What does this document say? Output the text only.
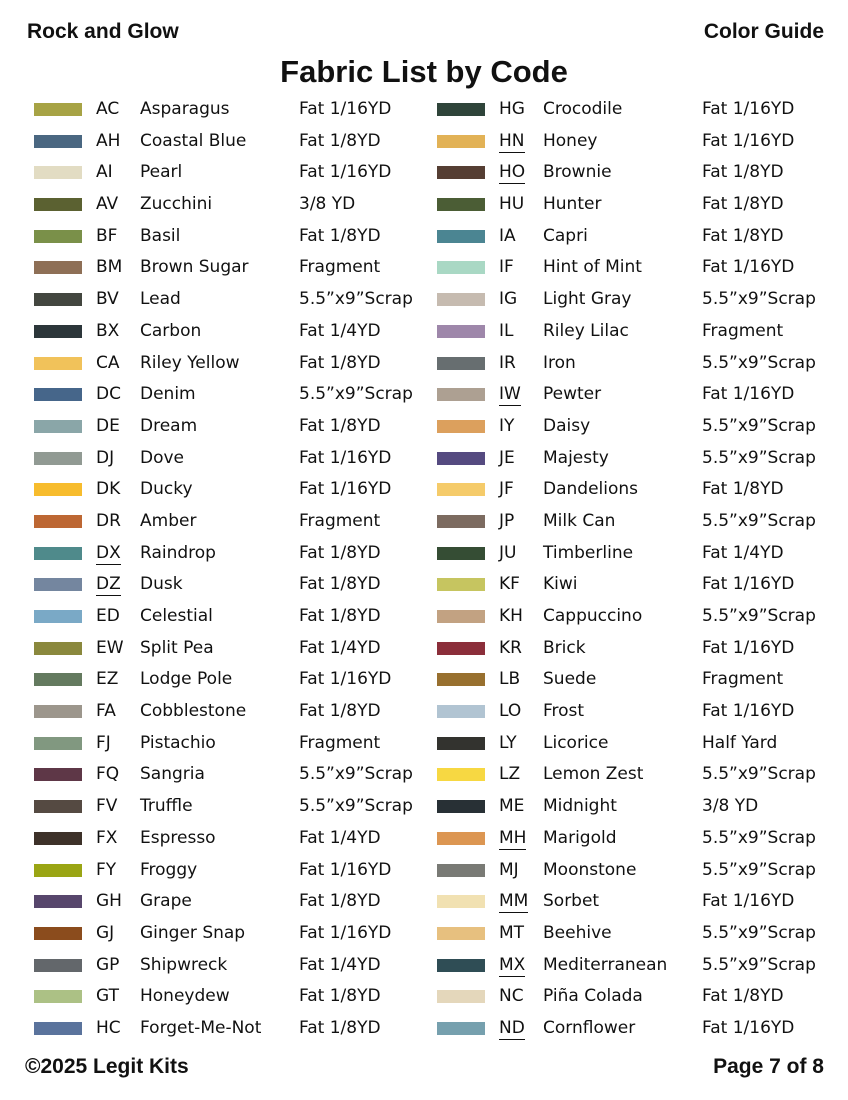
Rock and Glow	Color Guide
Fabric List by Code
AC Asparagus	Fat 1/16YD
AH Coastal Blue	Fat 1/8YD
AI Pearl	Fat 1/16YD
AV Zucchini	3/8 YD
BF Basil	Fat 1/8YD
BM Brown Sugar	Fragment
BV Lead	5.5”x9”Scrap
BX Carbon	Fat 1/4YD
CA Riley Yellow	Fat 1/8YD
DC Denim	5.5”x9”Scrap
DE Dream	Fat 1/8YD
DJ Dove	Fat 1/16YD
DK Ducky	Fat 1/16YD
DR Amber	Fragment
DX Raindrop	Fat 1/8YD
DZ Dusk	Fat 1/8YD
ED Celestial	Fat 1/8YD
EW Split Pea	Fat 1/4YD
EZ Lodge Pole	Fat 1/16YD
FA Cobblestone	Fat 1/8YD
FJ Pistachio	Fragment
FQ Sangria	5.5”x9”Scrap
FV Truffle	5.5”x9”Scrap
FX Espresso	Fat 1/4YD
FY Froggy	Fat 1/16YD
GH Grape	Fat 1/8YD
GJ Ginger Snap	Fat 1/16YD
GP Shipwreck	Fat 1/4YD
GT Honeydew	Fat 1/8YD
HC Forget-Me-Not Fat 1/8YD
HG Crocodile	Fat 1/16YD
HN Honey	Fat 1/16YD
HO Brownie	Fat 1/8YD
HU Hunter	Fat 1/8YD
IA Capri	Fat 1/8YD
IF Hint of Mint	Fat 1/16YD
IG Light Gray	5.5”x9”Scrap
IL Riley Lilac	Fragment
IR Iron	5.5”x9”Scrap
IW Pewter	Fat 1/16YD
IY Daisy	5.5”x9”Scrap
JE Majesty	5.5”x9”Scrap
JF Dandelions	Fat 1/8YD
JP Milk Can	5.5”x9”Scrap
JU Timberline	Fat 1/4YD
KF Kiwi	Fat 1/16YD
KH Cappuccino	5.5”x9”Scrap
KR Brick	Fat 1/16YD
LB Suede	Fragment
LO Frost	Fat 1/16YD
LY Licorice	Half Yard
LZ Lemon Zest	5.5”x9”Scrap
ME Midnight	3/8 YD
MH Marigold	5.5”x9”Scrap
MJ Moonstone	5.5”x9”Scrap
MM Sorbet	Fat 1/16YD
MT Beehive	5.5”x9”Scrap
MX Mediterranean 5.5”x9”Scrap
NC Piña Colada	Fat 1/8YD
ND Cornflower	Fat 1/16YD
©2025 Legit Kits	Page 7 of 8
